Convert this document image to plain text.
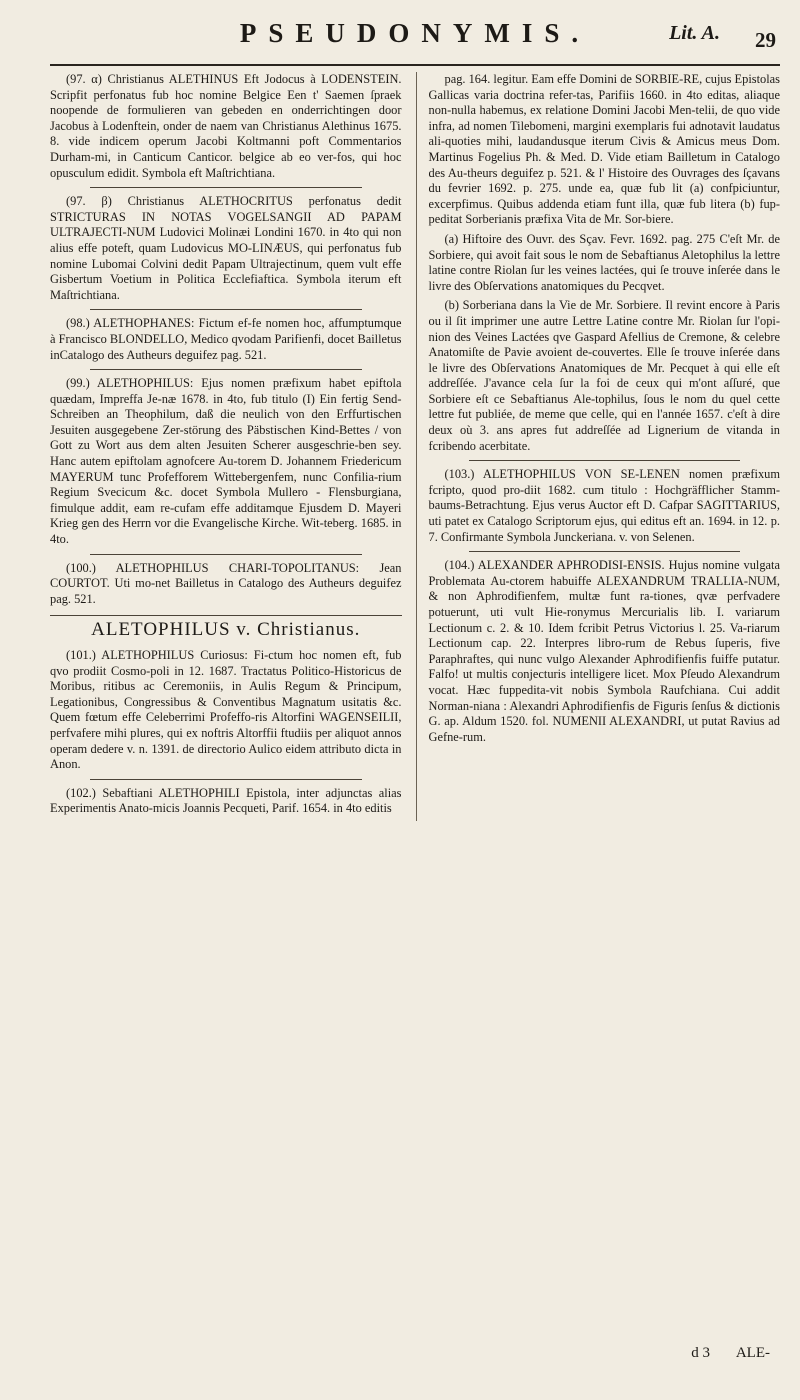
PSEUDONYMIS.	Lit. A. 29

(97. α) Christianus ALETHINUS Eft Jodocus à LODENSTEIN. Scripfit perfonatus fub hoc nomine Belgice Een t' Saemen ſpraek noopende de formulieren van gebeden en onderrichtingen door Jacobus à Lodenftein, onder de naem van Christianus Alethinus 1675. 8. vide indicem operum Jacobi Koltmanni poft Commentarios Durham-mi, in Canticum Canticor. belgice ab eo ver-fos, qui hoc opusculum edidit. Symbola eft Maſtrichtiana.

(97. β) Christianus ALETHOCRITUS perfonatus dedit STRICTURAS IN NOTAS VOGELSANGII AD PAPAM ULTRAJECTI-NUM Ludovici Molinæi Londini 1670. in 4to qui non alius effe poteft, quam Ludovicus MO-LINÆUS, qui perfonatus fub nomine Lubomai Colvini dedit Papam Ultrajectinum, quem vult effe Gisbertum Voetium in Politica Ecclefiaftica. Symbola iterum eft Maſtrichtiana.

(98.) ALETHOPHANES: Fictum ef-fe nomen hoc, affumptumque à Francisco BLONDELLO, Medico qvodam Parifienfi, docet Bailletus inCatalogo des Autheurs deguifez pag. 521.

(99.) ALETHOPHILUS: Ejus nomen præfixum habet epiftola quædam, Impreffa Je-næ 1678. in 4to, fub titulo (I) Ein fertig Send-Schreiben an Theophilum, daß die neulich von den Erffurtischen Jesuiten ausgegebene Zer-störung des Päbstischen Kind-Bettes / von Gott zu Wort aus dem alten Jesuiten Scherer ausgeschrie-ben sey. Hanc autem epiftolam agnofcere Au-torem D. Johannem Friedericum MAYERUM tunc Profefforem Wittebergenfem, nunc Confilia-rium Regium Svecicum &c. docet Symbola Mullero - Flensburgiana, fimulque addit, eam re-cufam effe additamque Ejusdem D. Mayeri Krieg gen des Herrn vor die Evangelische Kirche. Wit-teberg. 1685. in 4to.

(100.) ALETHOPHILUS CHARI-TOPOLITANUS: Jean COURTOT. Uti mo-net Bailletus in Catalogo des Autheurs deguifez pag. 521.

ALETOPHILUS v. Christianus.

(101.) ALETHOPHILUS Curiosus: Fi-ctum hoc nomen eft, fub qvo prodiit Cosmo-poli in 12. 1687. Tractatus Politico-Historicus de Moribus, ritibus ac Ceremoniis, in Aulis Regum & Principum, Legationibus, Congressibus & Conventibus Magnatum usitatis &c. Quem fœtum effe Celeberrimi Profeffo-ris Altorfini WAGENSEILII, perfvafere mihi plures, qui ex noftris Altorffii ftudiis per aliquot annos operam dedere v. n. 1391. de directorio Aulico eidem attributo dicta in Anon.

(102.) Sebaftiani ALETHOPHILI Epistola, inter adjunctas alias Experimentis Anato-micis Joannis Pecqueti, Parif. 1654. in 4to editis

pag. 164. legitur. Eam effe Domini de SORBIE-RE, cujus Epistolas Gallicas varia doctrina refer-tas, Parifiis 1660. in 4to editas, aliaque non-nulla habemus, ex relatione Domini Jacobi Men-telii, de quo vide infra, ad nomen Tilebomeni, margini exemplaris fui adnotavit laudatus ali-quoties mihi, laudandusque iterum Civis & Amicus meus Dom. Martinus Fogelius Ph. & Med. D. Vide etiam Bailletum in Catalogo des Au-theurs deguifez p. 521. & l' Histoire des Ouvrages des ſçavans du fevrier 1692. p. 275. unde ea, quæ fub lit (a) confpiciuntur, excerpfimus. Quibus addenda etiam funt illa, quæ fub litera (b) fup-peditat Sorberianis præfixa Vita de Mr. Sor-biere.

(a) Hiftoire des Ouvr. des Sçav. Fevr. 1692. pag. 275 C'eſt Mr. de Sorbiere, qui avoit fait sous le nom de Sebaftianus Aletophilus la lettre latine contre Riolan ſur les veines lactées, qui ſe trouve inſerée dans le livre des Obſervations anatomiques du Pecqvet.

(b) Sorberiana dans la Vie de Mr. Sorbiere. Il revint encore à Paris ou il ſit imprimer une autre Lettre Latine contre Mr. Riolan ſur l'opi-nion des Veines Lactées qve Gaspard Afellius de Cremone, & celebre Anatomiſte de Pavie avoient de-couvertes. Elle ſe trouve inſerée dans le livre des Obſervations Anatomiques de Mr. Pecquet à qui elle eſt addreſſée. J'avance cela ſur la foi de ceux qui m'ont aſſuré, que Sorbiere eſt ce Sebaftianus Ale-tophilus, ſous le nom du quel cette lettre fut publiée, de meme que celle, qui en l'année 1657. c'eſt à dire deux où 3. ans apres fut addreſſée ad Lignerium de vitanda in fcribendo acerbitate.

(103.) ALETHOPHILUS VON SE-LENEN nomen præfixum fcripto, quod pro-diit 1682. cum titulo : Hochgräfflicher Stamm-baums-Betrachtung. Ejus verus Auctor eft D. Cafpar SAGITTARIUS, uti patet ex Catalogo Scriptorum ejus, qui editus eft an. 1694. in 12. p. 7. Confirmante Symbola Junckeriana. v. von Selenen.

(104.) ALEXANDER APHRODISI-ENSIS. Hujus nomine vulgata Problemata Au-ctorem habuiffe ALEXANDRUM TRALLIA-NUM, & non Aphrodifienfem, multæ funt ra-tiones, qvæ perfvadere potuerunt, uti vult Hie-ronymus Mercurialis lib. I. variarum Lectionum c. 2. & 10. Idem fcribit Petrus Victorius l. 25. Va-riarum Lectionum cap. 22. Interpres libro-rum de Rebus ſuperis, five Paraphraftes, qui nunc vulgo Alexander Aphrodifienfis fuiffe putatur. Falfo! ut multis conjecturis intelligere licet. Mox Pſeudo Alexandrum vocat. Hæc fuppedita-vit nobis Symbola Raufchiana. Cui addit Norman-niana : Alexandri Aphrodifienfis de Figuris ſenſus & dictionis G. ap. Aldum 1520. fol. NUMENII ALEXANDRI, ut putat Ravius ad Gefne-rum.

d 3 ALE-
